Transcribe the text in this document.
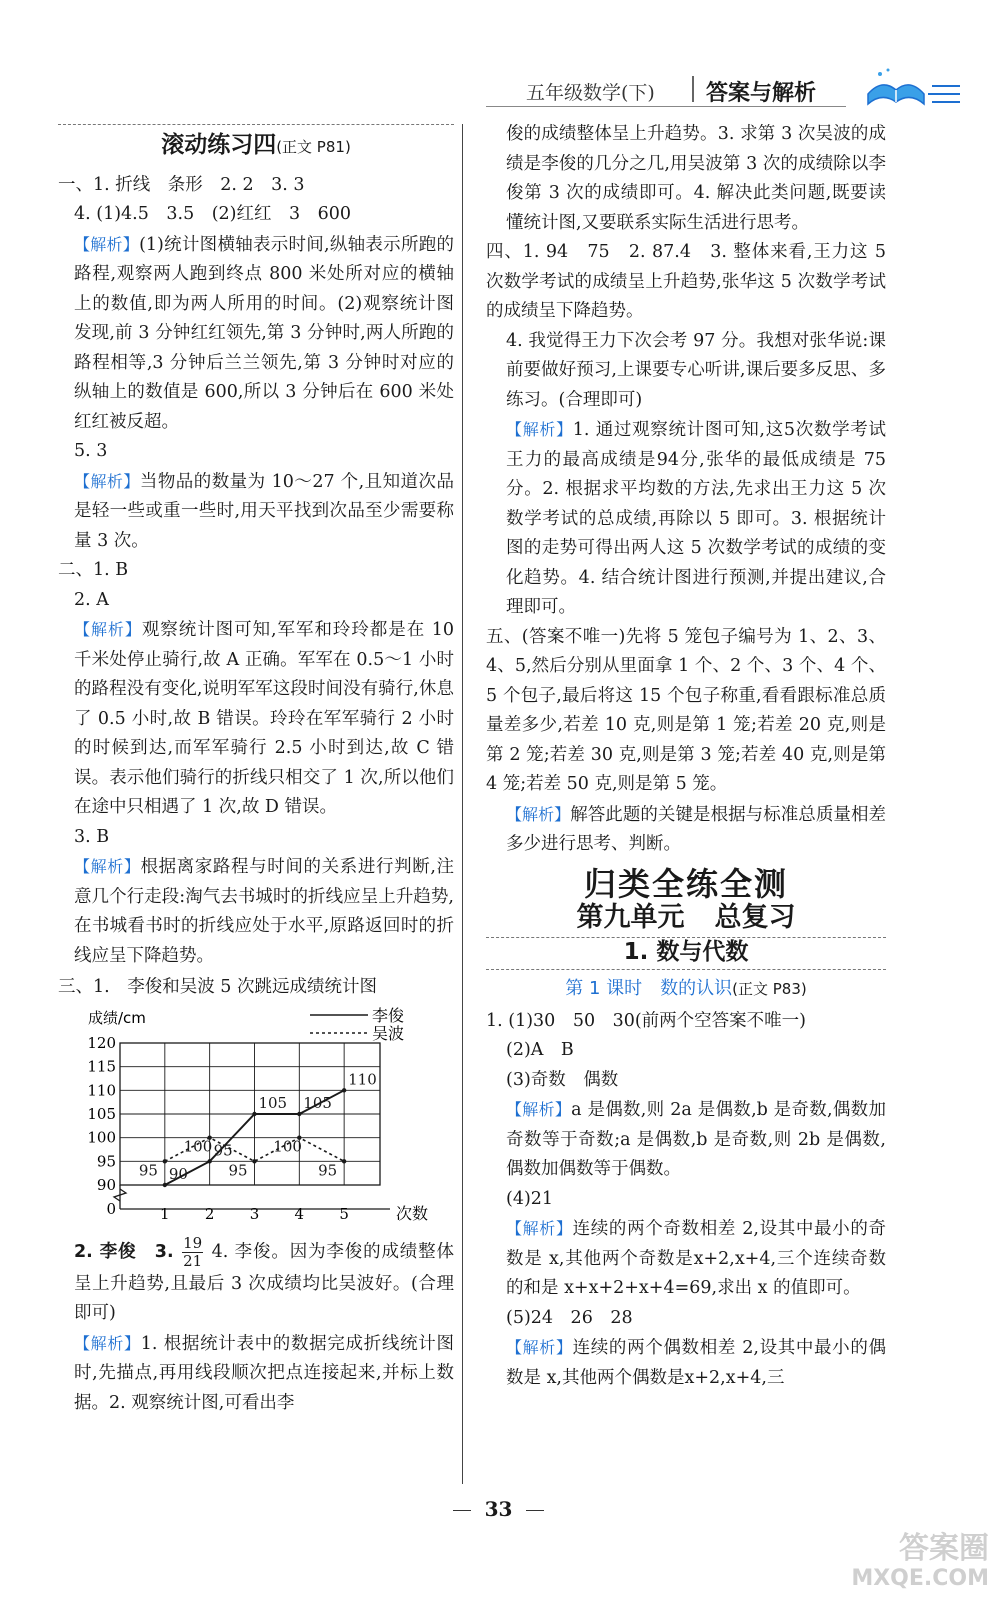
五年级数学(下) 答案与解析
滚动练习四(正文 P81)

一、1. 折线　条形　2. 2　3. 3

4. (1)4.5　3.5　(2)红红　3　600

【解析】(1)统计图横轴表示时间,纵轴表示所跑的路程,观察两人跑到终点 800 米处所对应的横轴上的数值,即为两人所用的时间。(2)观察统计图发现,前 3 分钟红红领先,第 3 分钟时,两人所跑的路程相等,3 分钟后兰兰领先,第 3 分钟时对应的纵轴上的数值是 600,所以 3 分钟后在 600 米处红红被反超。

5. 3

【解析】当物品的数量为 10～27 个,且知道次品是轻一些或重一些时,用天平找到次品至少需要称量 3 次。

二、1. B

2. A

【解析】观察统计图可知,军军和玲玲都是在 10 千米处停止骑行,故 A 正确。军军在 0.5～1 小时的路程没有变化,说明军军这段时间没有骑行,休息了 0.5 小时,故 B 错误。玲玲在军军骑行 2 小时的时候到达,而军军骑行 2.5 小时到达,故 C 错误。表示他们骑行的折线只相交了 1 次,所以他们在途中只相遇了 1 次,故 D 错误。

3. B

【解析】根据离家路程与时间的关系进行判断,注意几个行走段:淘气去书城时的折线应呈上升趋势,在书城看书时的折线应处于水平,原路返回时的折线应呈下降趋势。

三、1.　李俊和吴波 5 次跳远成绩统计图

成绩/cm	李俊
吴波
0
90
95
100
105
110
115
120
1 2 3 4 5
90
95
105 105
110
95
100
95
100
95
次数

2. 李俊　3. $\frac{19}{21} 4$. 李俊。因为李俊的成绩整体呈上升趋势,且最后 3 次成绩均比吴波好。(合理即可)

【解析】1. 根据统计表中的数据完成折线统计图时,先描点,再用线段顺次把点连接起来,并标上数据。2. 观察统计图,可看出李

俊的成绩整体呈上升趋势。3. 求第 3 次吴波的成绩是李俊的几分之几,用吴波第 3 次的成绩除以李俊第 3 次的成绩即可。4. 解决此类问题,既要读懂统计图,又要联系实际生活进行思考。

四、1. 94　75　2. 87.4　3. 整体来看,王力这 5 次数学考试的成绩呈上升趋势,张华这 5 次数学考试的成绩呈下降趋势。

4. 我觉得王力下次会考 97 分。我想对张华说:课前要做好预习,上课要专心听讲,课后要多反思、多练习。(合理即可)

【解析】1. 通过观察统计图可知,这5次数学考试王力的最高成绩是94分,张华的最低成绩是 75 分。2. 根据求平均数的方法,先求出王力这 5 次数学考试的总成绩,再除以 5 即可。3. 根据统计图的走势可得出两人这 5 次数学考试的成绩的变化趋势。4. 结合统计图进行预测,并提出建议,合理即可。

五、(答案不唯一)先将 5 笼包子编号为 1、2、3、4、5,然后分别从里面拿 1 个、2 个、3 个、4 个、5 个包子,最后将这 15 个包子称重,看看跟标准总质量差多少,若差 10 克,则是第 1 笼;若差 20 克,则是第 2 笼;若差 30 克,则是第 3 笼;若差 40 克,则是第 4 笼;若差 50 克,则是第 5 笼。

【解析】解答此题的关键是根据与标准总质量相差多少进行思考、判断。

归类全练全测
第九单元 总复习
1. 数与代数
第 1 课时　数的认识(正文 P83)

1. (1)30　50　30(前两个空答案不唯一)

(2)A　B

(3)奇数　偶数

【解析】a 是偶数,则 2a 是偶数,b 是奇数,偶数加奇数等于奇数;a 是偶数,b 是奇数,则 2b 是偶数,偶数加偶数等于偶数。

(4)21

【解析】连续的两个奇数相差 2,设其中最小的奇数是 x,其他两个奇数是x+2,x+4,三个连续奇数的和是 x+x+2+x+4=69,求出 x 的值即可。

(5)24　26　28

【解析】连续的两个偶数相差 2,设其中最小的偶数是 x,其他两个偶数是x+2,x+4,三

33
答案圈
MXQE.COM
